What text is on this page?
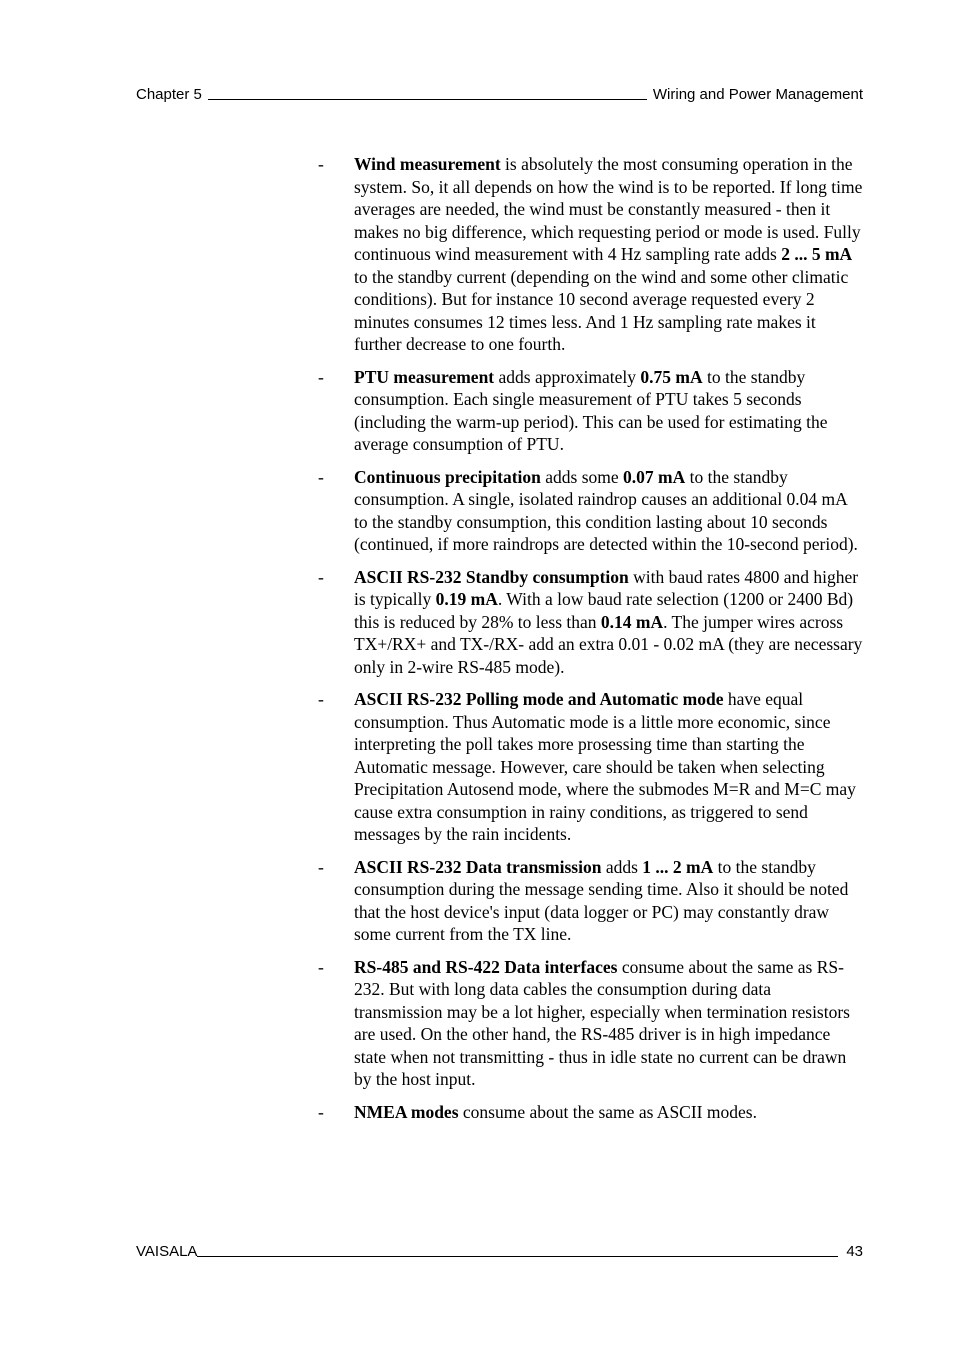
Chapter 5	Wiring and Power Management
-	Wind measurement is absolutely the most consuming operation in the system. So, it all depends on how the wind is to be reported. If long time averages are needed, the wind must be constantly measured - then it makes no big difference, which requesting period or mode is used. Fully continuous wind measurement with 4 Hz sampling rate adds 2 ... 5 mA to the standby current (depending on the wind and some other climatic conditions). But for instance 10 second average requested every 2 minutes consumes 12 times less. And 1 Hz sampling rate makes it further decrease to one fourth.
-	PTU measurement adds approximately 0.75 mA to the standby consumption. Each single measurement of PTU takes 5 seconds (including the warm-up period). This can be used for estimating the average consumption of PTU.
-	Continuous precipitation adds some 0.07 mA to the standby consumption. A single, isolated raindrop causes an additional 0.04 mA to the standby consumption, this condition lasting about 10 seconds (continued, if more raindrops are detected within the 10-second period).
-	ASCII RS-232 Standby consumption with baud rates 4800 and higher is typically 0.19 mA. With a low baud rate selection (1200 or 2400 Bd) this is reduced by 28% to less than 0.14 mA. The jumper wires across TX+/RX+ and TX-/RX- add an extra 0.01 - 0.02 mA (they are necessary only in 2-wire RS-485 mode).
-	ASCII RS-232 Polling mode and Automatic mode have equal consumption. Thus Automatic mode is a little more economic, since interpreting the poll takes more prosessing time than starting the Automatic message. However, care should be taken when selecting Precipitation Autosend mode, where the submodes M=R and M=C may cause extra consumption in rainy conditions, as triggered to send messages by the rain incidents.
-	ASCII RS-232 Data transmission adds 1 ... 2 mA to the standby consumption during the message sending time. Also it should be noted that the host device's input (data logger or PC) may constantly draw some current from the TX line.
-	RS-485 and RS-422 Data interfaces consume about the same as RS-232. But with long data cables the consumption during data transmission may be a lot higher, especially when termination resistors are used. On the other hand, the RS-485 driver is in high impedance state when not transmitting - thus in idle state no current can be drawn by the host input.
-	NMEA modes consume about the same as ASCII modes.
VAISALA	43
